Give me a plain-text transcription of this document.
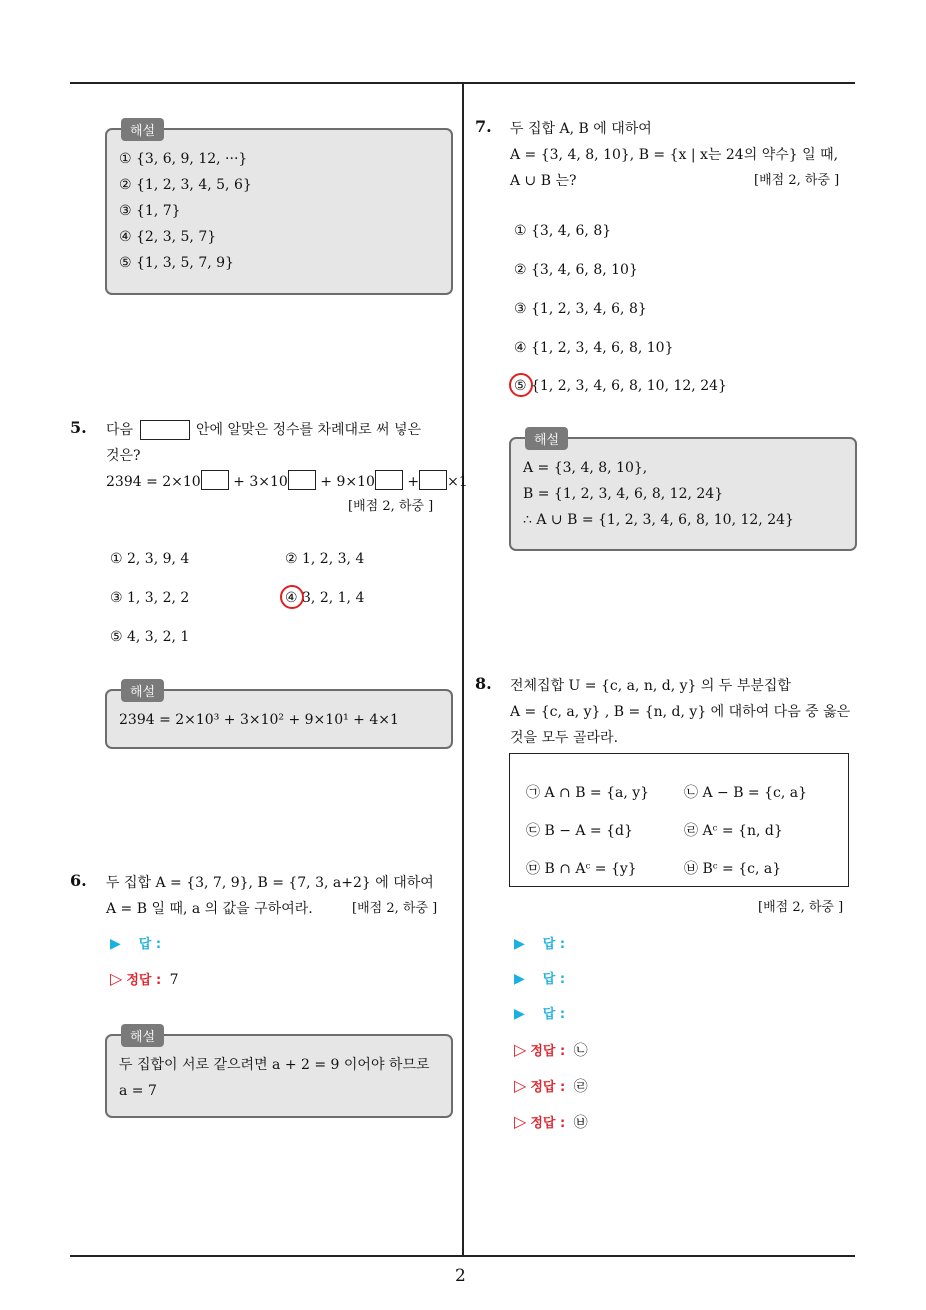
2
해설
① {3, 6, 9, 12, ···}
② {1, 2, 3, 4, 5, 6}
③ {1, 7}
④ {2, 3, 5, 7}
⑤ {1, 3, 5, 7, 9}
5. 다음	안에 알맞은 정수를 차례대로 써 넣은
것은?
2394 = 2×10 + 3×10 + 9×10 + ×1
[배점 2, 하중 ]
① 2, 3, 9, 4	② 1, 2, 3, 4
③ 1, 3, 2, 2	④ 3, 2, 1, 4
⑤ 4, 3, 2, 1
해설
2394 = 2×10³ + 3×10² + 9×10¹ + 4×1
6. 두 집합 A = {3, 7, 9}, B = {7, 3, a+2} 에 대하여
A = B 일 때, a 의 값을 구하여라.	[배점 2, 하중 ]
▶ 답 :
▷ 정답 : 7
해설
두 집합이 서로 같으려면 a + 2 = 9 이어야 하므로
a = 7
7. 두 집합 A, B 에 대하여
A = {3, 4, 8, 10}, B = {x | x는 24의 약수} 일 때,
A ∪ B 는?	[배점 2, 하중 ]
① {3, 4, 6, 8}
② {3, 4, 6, 8, 10}
③ {1, 2, 3, 4, 6, 8}
④ {1, 2, 3, 4, 6, 8, 10}
⑤ {1, 2, 3, 4, 6, 8, 10, 12, 24}
해설
A = {3, 4, 8, 10},
B = {1, 2, 3, 4, 6, 8, 12, 24}
∴ A ∪ B = {1, 2, 3, 4, 6, 8, 10, 12, 24}
8. 전체집합 U = {c, a, n, d, y} 의 두 부분집합
A = {c, a, y} , B = {n, d, y} 에 대하여 다음 중 옳은
것을 모두 골라라.
㉠ A ∩ B = {a, y} ㉡ A − B = {c, a}
㉢ B − A = {d}	㉣ Aᶜ = {n, d}
㉤ B ∩ Aᶜ = {y}	㉥ Bᶜ = {c, a}
[배점 2, 하중 ]
▶ 답 :
▶ 답 :
▶ 답 :
▷ 정답 : ㉡
▷ 정답 : ㉣
▷ 정답 : ㉥
